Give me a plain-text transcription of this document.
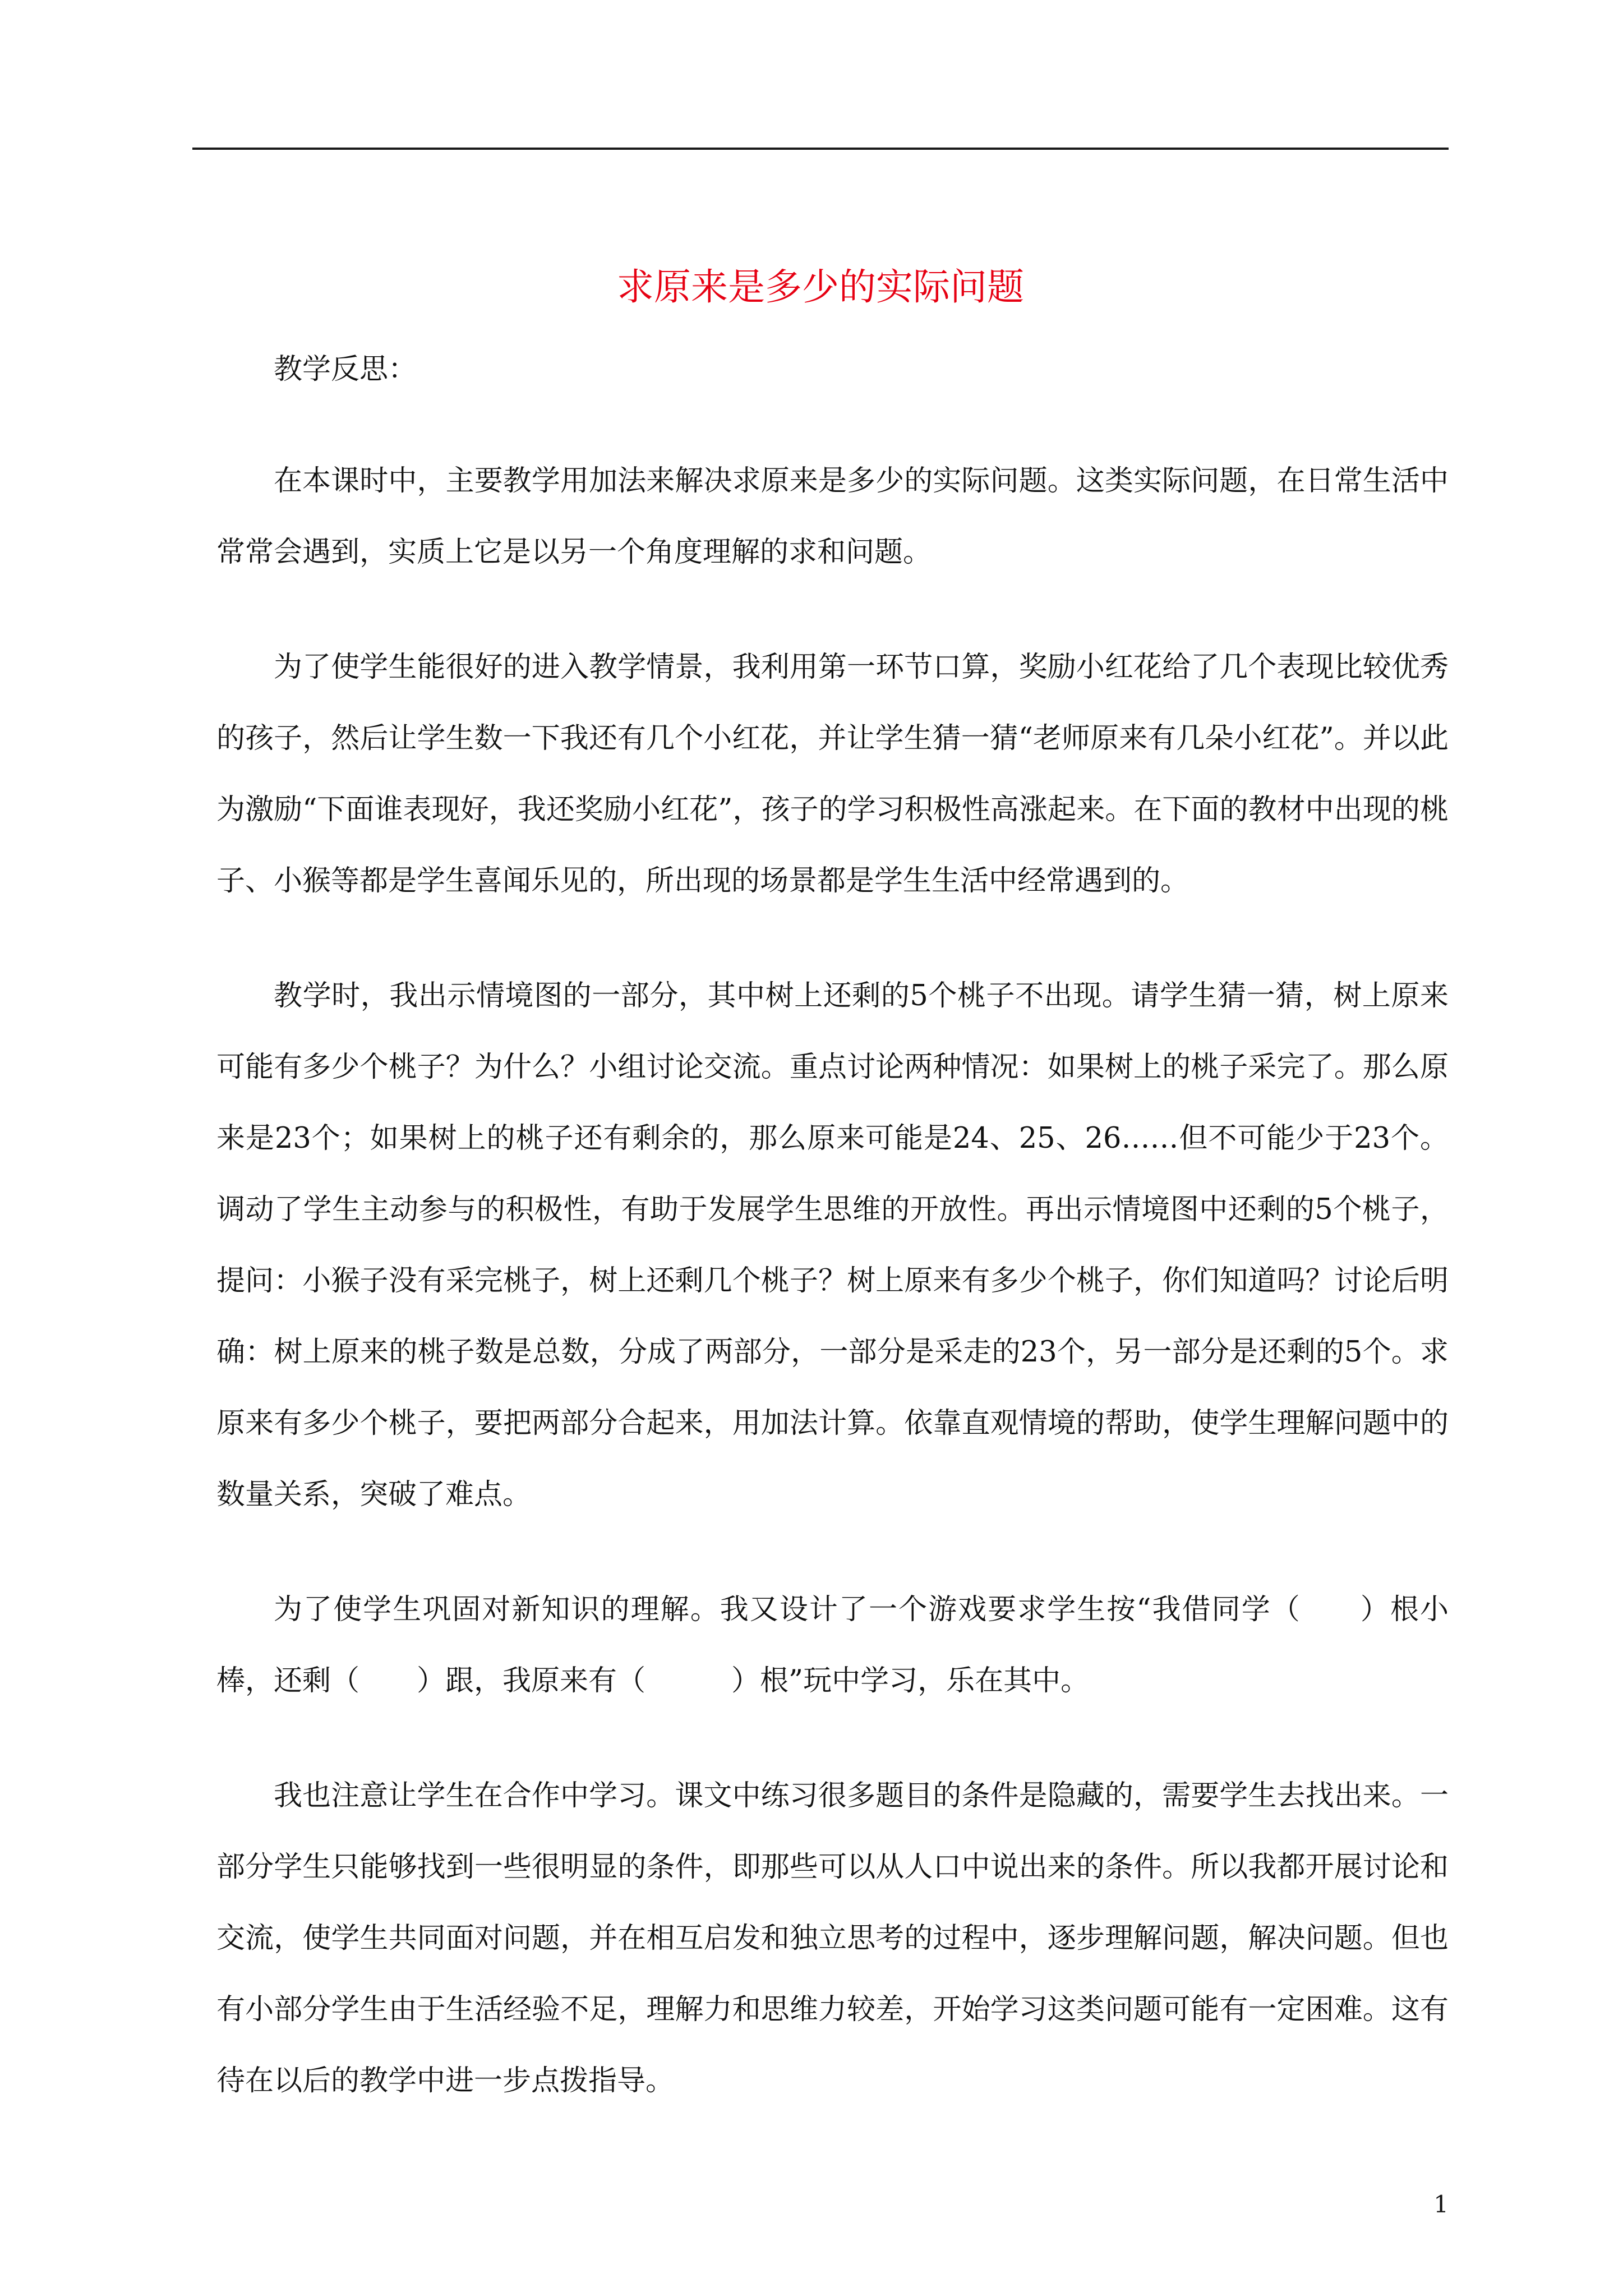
求原来是多少的实际问题

教学反思：

在本课时中，主要教学用加法来解决求原来是多少的实际问题。这类实际问题，在日常生活中常常会遇到，实质上它是以另一个角度理解的求和问题。

为了使学生能很好的进入教学情景，我利用第一环节口算，奖励小红花给了几个表现比较优秀的孩子，然后让学生数一下我还有几个小红花，并让学生猜一猜“老师原来有几朵小红花”。并以此为激励“下面谁表现好，我还奖励小红花”，孩子的学习积极性高涨起来。在下面的教材中出现的桃子、小猴等都是学生喜闻乐见的，所出现的场景都是学生生活中经常遇到的。

教学时，我出示情境图的一部分，其中树上还剩的5个桃子不出现。请学生猜一猜，树上原来可能有多少个桃子？为什么？小组讨论交流。重点讨论两种情况：如果树上的桃子采完了。那么原来是23个；如果树上的桃子还有剩余的，那么原来可能是24、25、26……但不可能少于23个。调动了学生主动参与的积极性，有助于发展学生思维的开放性。再出示情境图中还剩的5个桃子，提问：小猴子没有采完桃子，树上还剩几个桃子？树上原来有多少个桃子，你们知道吗？讨论后明确：树上原来的桃子数是总数，分成了两部分，一部分是采走的23个，另一部分是还剩的5个。求原来有多少个桃子，要把两部分合起来，用加法计算。依靠直观情境的帮助，使学生理解问题中的数量关系，突破了难点。

为了使学生巩固对新知识的理解。我又设计了一个游戏要求学生按“我借同学（　　）根小棒，还剩（　　）跟，我原来有（　　　）根”玩中学习，乐在其中。

我也注意让学生在合作中学习。课文中练习很多题目的条件是隐藏的，需要学生去找出来。一部分学生只能够找到一些很明显的条件，即那些可以从人口中说出来的条件。所以我都开展讨论和交流，使学生共同面对问题，并在相互启发和独立思考的过程中，逐步理解问题，解决问题。但也有小部分学生由于生活经验不足，理解力和思维力较差，开始学习这类问题可能有一定困难。这有待在以后的教学中进一步点拨指导。

1
